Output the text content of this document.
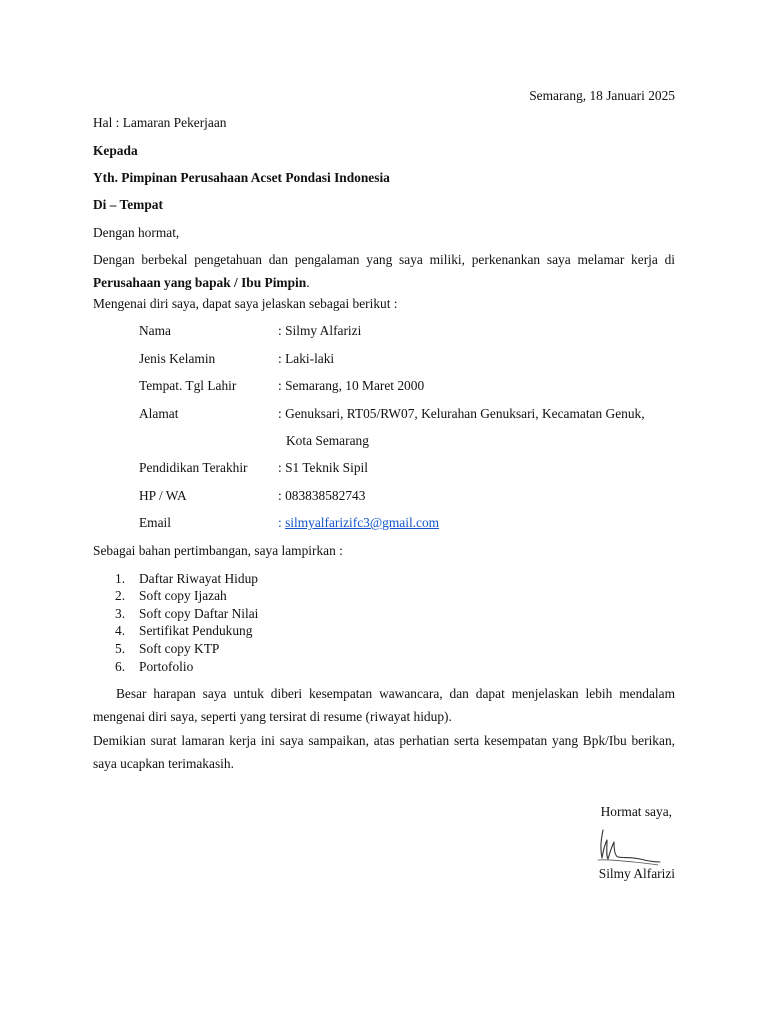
Semarang, 18 Januari 2025
Hal : Lamaran Pekerjaan
Kepada
Yth. Pimpinan Perusahaan Acset Pondasi Indonesia
Di – Tempat
Dengan hormat,
Dengan berbekal pengetahuan dan pengalaman yang saya miliki, perkenankan saya melamar kerja di Perusahaan yang bapak / Ibu Pimpin.
Mengenai diri saya, dapat saya jelaskan sebagai berikut :
Nama	: Silmy Alfarizi
Jenis Kelamin	: Laki-laki
Tempat. Tgl Lahir	: Semarang, 10 Maret 2000
Alamat	: Genuksari, RT05/RW07, Kelurahan Genuksari, Kecamatan Genuk,
Kota Semarang
Pendidikan Terakhir : S1 Teknik Sipil
HP / WA	: 083838582743
Email	: silmyalfarizifc3@gmail.com
Sebagai bahan pertimbangan, saya lampirkan :
1. Daftar Riwayat Hidup
2. Soft copy Ijazah
3. Soft copy Daftar Nilai
4. Sertifikat Pendukung
5. Soft copy KTP
6. Portofolio
Besar harapan saya untuk diberi kesempatan wawancara, dan dapat menjelaskan lebih mendalam mengenai diri saya, seperti yang tersirat di resume (riwayat hidup).
Demikian surat lamaran kerja ini saya sampaikan, atas perhatian serta kesempatan yang Bpk/Ibu berikan, saya ucapkan terimakasih.
Hormat saya,
Silmy Alfarizi
